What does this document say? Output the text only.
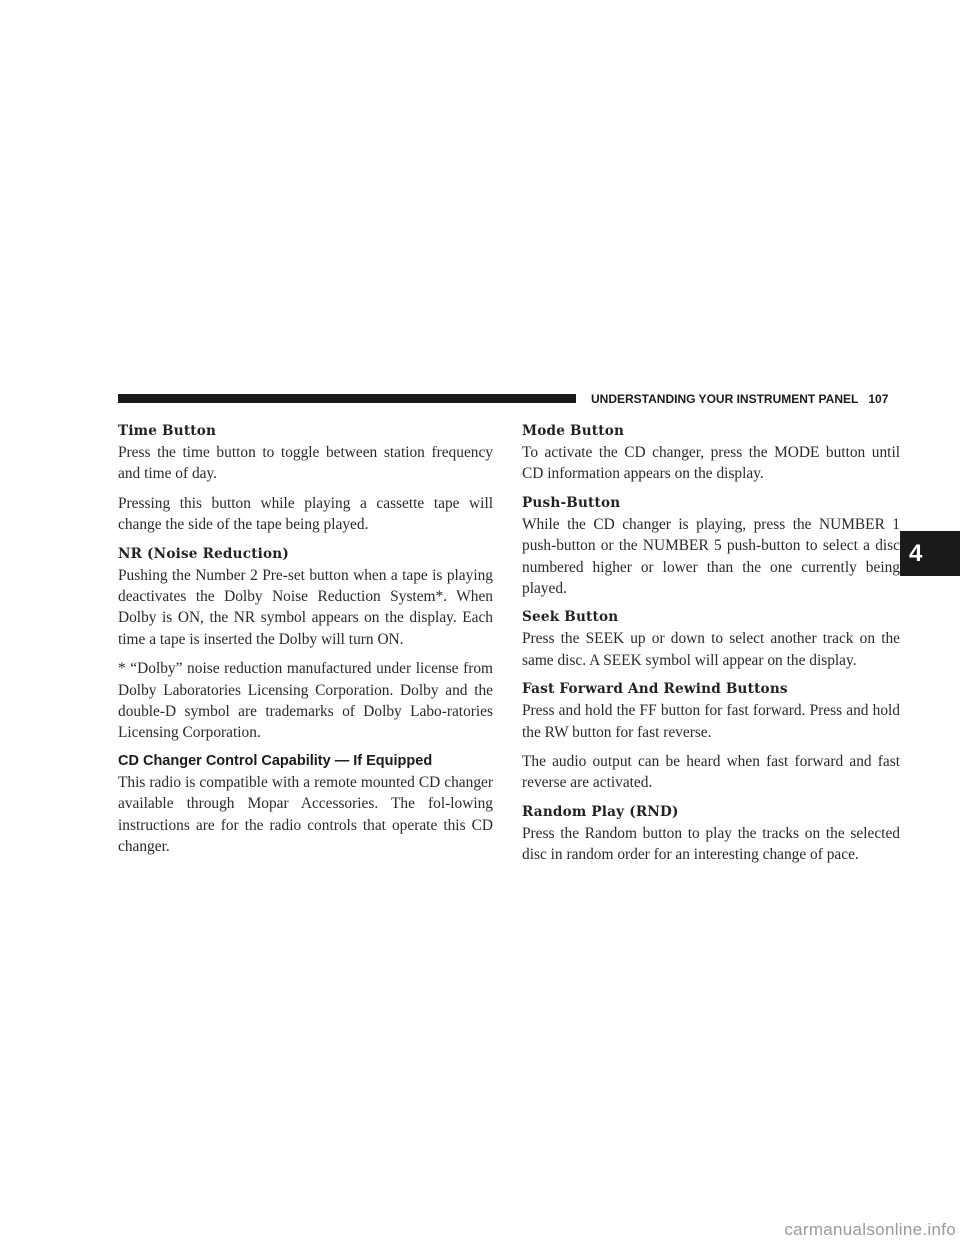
UNDERSTANDING YOUR INSTRUMENT PANEL 107
4
Time Button

Press the time button to toggle between station frequency and time of day.

Pressing this button while playing a cassette tape will change the side of the tape being played.

NR (Noise Reduction)

Pushing the Number 2 Pre-set button when a tape is playing deactivates the Dolby Noise Reduction System*. When Dolby is ON, the NR symbol appears on the display. Each time a tape is inserted the Dolby will turn ON.

* “Dolby” noise reduction manufactured under license from Dolby Laboratories Licensing Corporation. Dolby and the double-D symbol are trademarks of Dolby Labo-ratories Licensing Corporation.

CD Changer Control Capability — If Equipped

This radio is compatible with a remote mounted CD changer available through Mopar Accessories. The fol-lowing instructions are for the radio controls that operate this CD changer.

Mode Button

To activate the CD changer, press the MODE button until CD information appears on the display.

Push-Button

While the CD changer is playing, press the NUMBER 1 push-button or the NUMBER 5 push-button to select a disc numbered higher or lower than the one currently being played.

Seek Button

Press the SEEK up or down to select another track on the same disc. A SEEK symbol will appear on the display.

Fast Forward And Rewind Buttons

Press and hold the FF button for fast forward. Press and hold the RW button for fast reverse.

The audio output can be heard when fast forward and fast reverse are activated.

Random Play (RND)

Press the Random button to play the tracks on the selected disc in random order for an interesting change of pace.

carmanualsonline.info
